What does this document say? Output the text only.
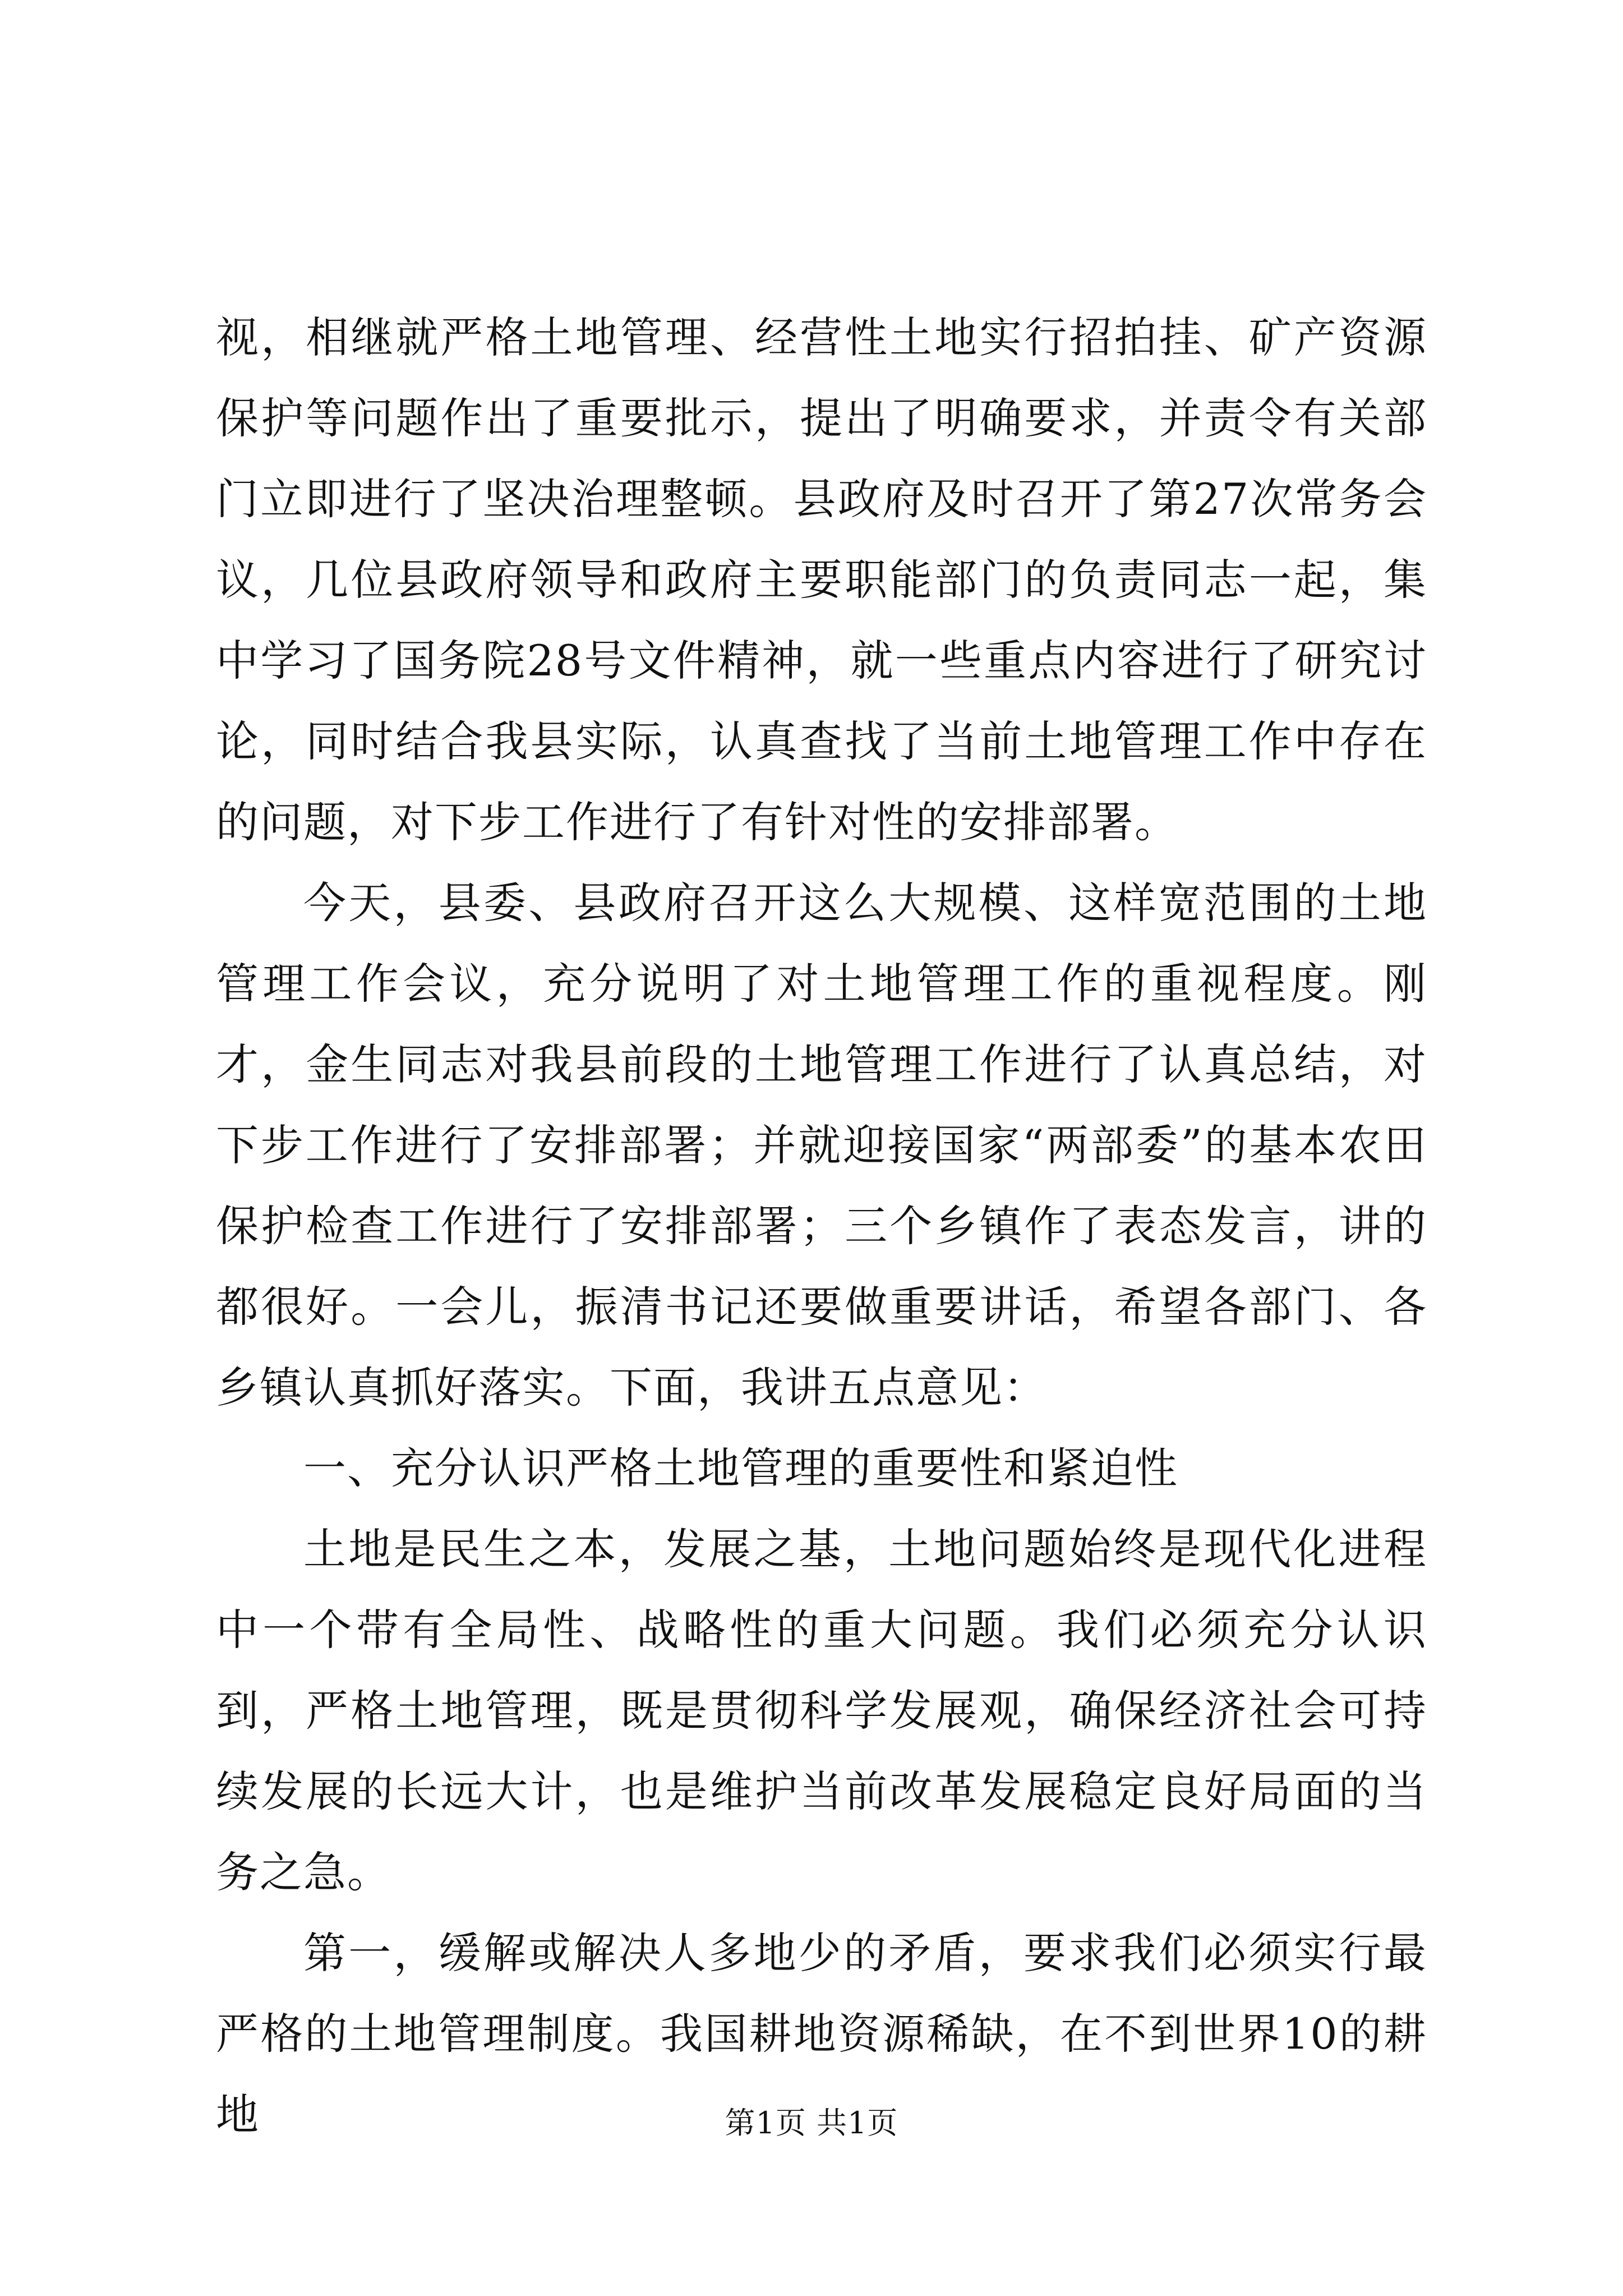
视，相继就严格土地管理、经营性土地实行招拍挂、矿产资源保护等问题作出了重要批示，提出了明确要求，并责令有关部门立即进行了坚决治理整顿。县政府及时召开了第27次常务会议，几位县政府领导和政府主要职能部门的负责同志一起，集中学习了国务院28号文件精神，就一些重点内容进行了研究讨论，同时结合我县实际，认真查找了当前土地管理工作中存在的问题，对下步工作进行了有针对性的安排部署。

今天，县委、县政府召开这么大规模、这样宽范围的土地管理工作会议，充分说明了对土地管理工作的重视程度。刚才，金生同志对我县前段的土地管理工作进行了认真总结，对下步工作进行了安排部署；并就迎接国家“两部委”的基本农田保护检查工作进行了安排部署；三个乡镇作了表态发言，讲的都很好。一会儿，振清书记还要做重要讲话，希望各部门、各乡镇认真抓好落实。下面，我讲五点意见：

一、充分认识严格土地管理的重要性和紧迫性

土地是民生之本，发展之基，土地问题始终是现代化进程中一个带有全局性、战略性的重大问题。我们必须充分认识到，严格土地管理，既是贯彻科学发展观，确保经济社会可持续发展的长远大计，也是维护当前改革发展稳定良好局面的当务之急。

第一，缓解或解决人多地少的矛盾，要求我们必须实行最严格的土地管理制度。我国耕地资源稀缺，在不到世界10的耕地	第1页 共1页
